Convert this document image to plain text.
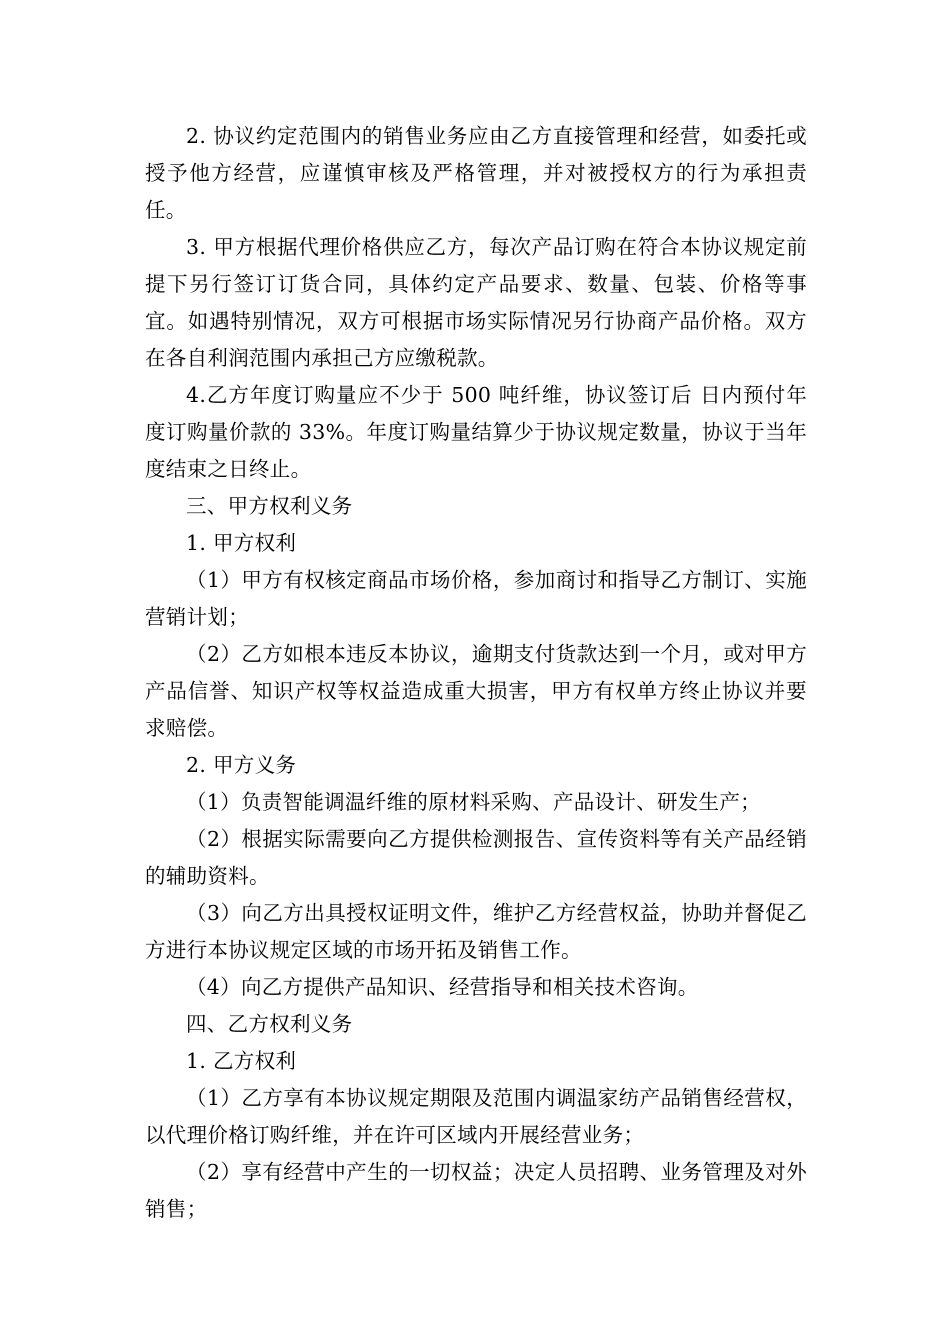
2. 协议约定范围内的销售业务应由乙方直接管理和经营，如委托或授予他方经营，应谨慎审核及严格管理，并对被授权方的行为承担责任。

3. 甲方根据代理价格供应乙方，每次产品订购在符合本协议规定前提下另行签订订货合同，具体约定产品要求、数量、包装、价格等事宜。如遇特别情况，双方可根据市场实际情况另行协商产品价格。双方在各自利润范围内承担己方应缴税款。

4.乙方年度订购量应不少于 500 吨纤维，协议签订后 日内预付年度订购量价款的 33%。年度订购量结算少于协议规定数量，协议于当年度结束之日终止。

三、甲方权利义务

1. 甲方权利

（1）甲方有权核定商品市场价格，参加商讨和指导乙方制订、实施营销计划；

（2）乙方如根本违反本协议，逾期支付货款达到一个月，或对甲方产品信誉、知识产权等权益造成重大损害，甲方有权单方终止协议并要求赔偿。

2. 甲方义务

（1）负责智能调温纤维的原材料采购、产品设计、研发生产；

（2）根据实际需要向乙方提供检测报告、宣传资料等有关产品经销的辅助资料。

（3）向乙方出具授权证明文件，维护乙方经营权益，协助并督促乙方进行本协议规定区域的市场开拓及销售工作。

（4）向乙方提供产品知识、经营指导和相关技术咨询。

四、乙方权利义务

1. 乙方权利

（1）乙方享有本协议规定期限及范围内调温家纺产品销售经营权，以代理价格订购纤维，并在许可区域内开展经营业务；

（2）享有经营中产生的一切权益；决定人员招聘、业务管理及对外销售；
